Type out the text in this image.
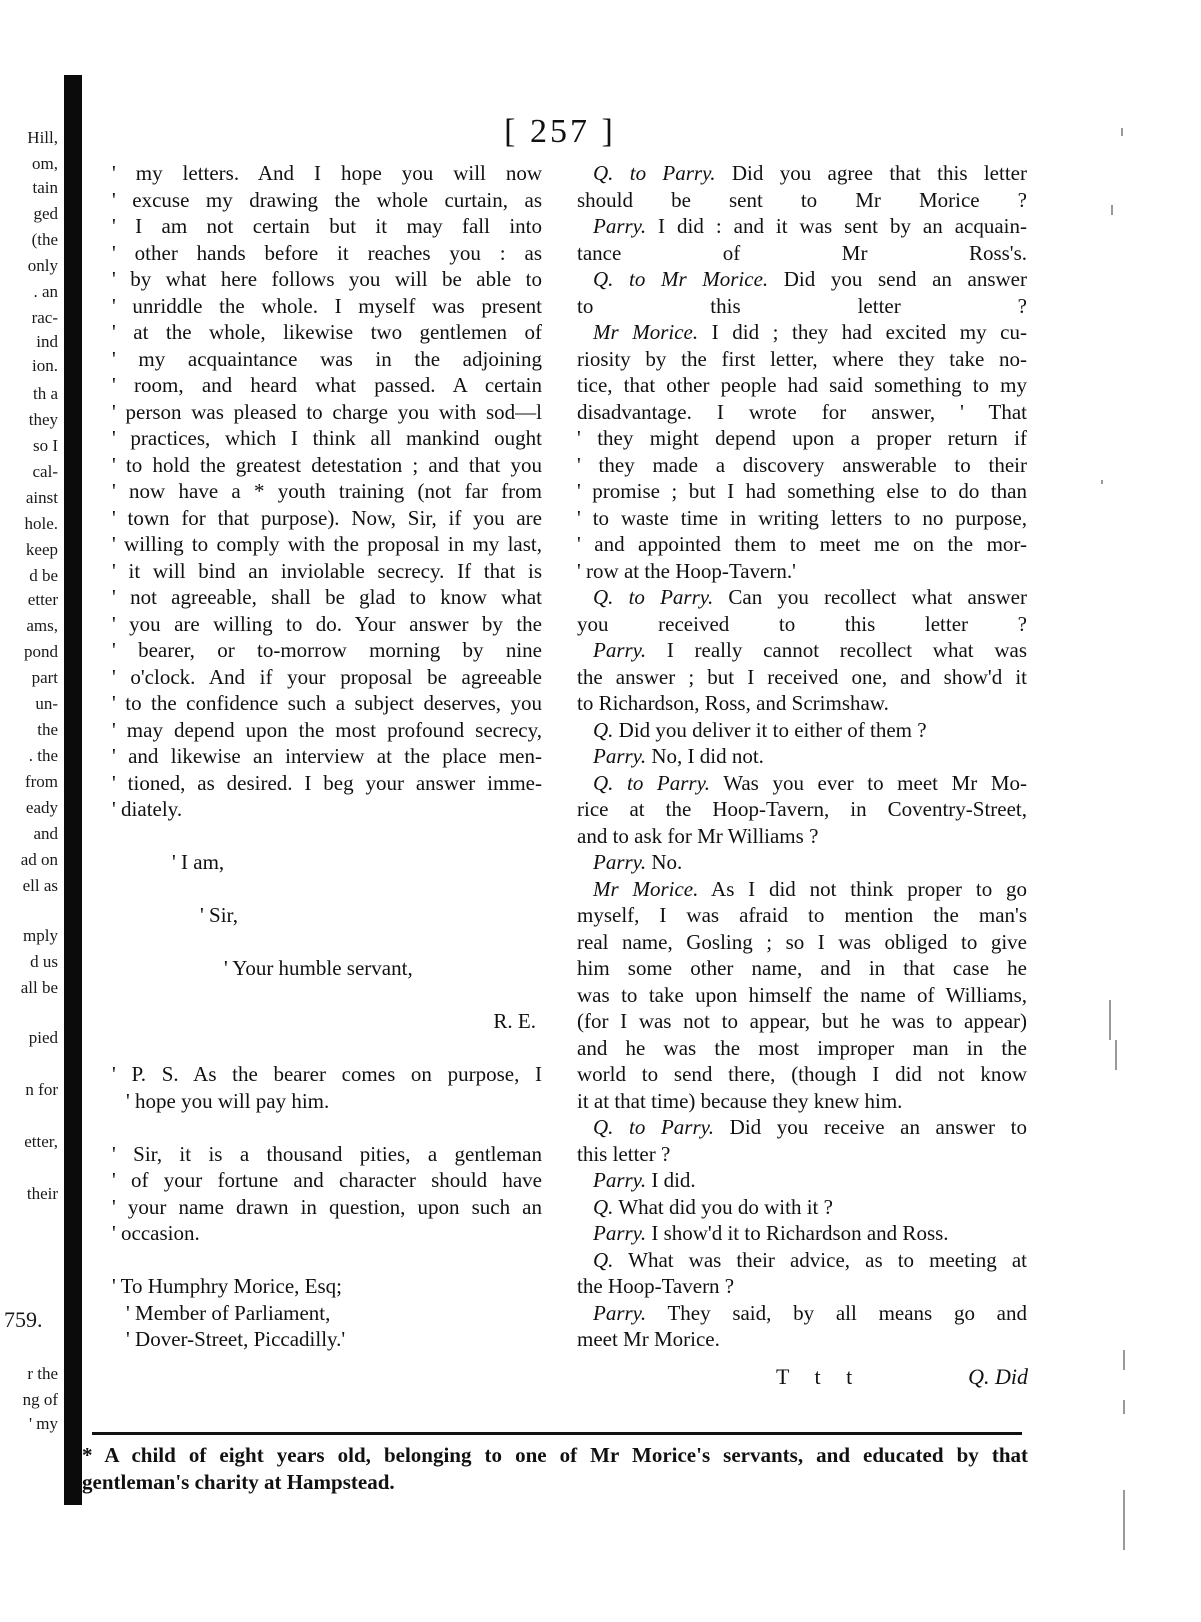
Hill,
om,
tain
ged
(the
only
. an
rac-
ind
ion.
th a
they
so I
cal-
ainst
hole.
keep
d be
etter
ams,
pond
part
un-
the
. the
from
eady
and
ad on
ell as
mply
d us
all be
pied
n for
etter,
their
759.
r the
ng of
' my
[ 257 ]
' my letters. And I hope you will now
' excuse my drawing the whole curtain, as
' I am not certain but it may fall into
' other hands before it reaches you : as
' by what here follows you will be able to
' unriddle the whole. I myself was present
' at the whole, likewise two gentlemen of
' my acquaintance was in the adjoining
' room, and heard what passed. A certain
' person was pleased to charge you with sod—l
' practices, which I think all mankind ought
' to hold the greatest detestation ; and that you
' now have a * youth training (not far from
' town for that purpose). Now, Sir, if you are
' willing to comply with the proposal in my last,
' it will bind an inviolable secrecy. If that is
' not agreeable, shall be glad to know what
' you are willing to do. Your answer by the
' bearer, or to-morrow morning by nine
' o'clock. And if your proposal be agreeable
' to the confidence such a subject deserves, you
' may depend upon the most profound secrecy,
' and likewise an interview at the place men-
' tioned, as desired. I beg your answer imme-
' diately.
' I am,
' Sir,
' Your humble servant,
R. E.
' P. S. As the bearer comes on purpose, I
' hope you will pay him.
' Sir, it is a thousand pities, a gentleman
' of your fortune and character should have
' your name drawn in question, upon such an
' occasion.
' To Humphry Morice, Esq;
' Member of Parliament,
' Dover-Street, Piccadilly.'
Q. to Parry. Did you agree that this letter
should be sent to Mr Morice ?
Parry. I did : and it was sent by an acquain-
tance of Mr Ross's.
Q. to Mr Morice. Did you send an answer
to this letter ?
Mr Morice. I did ; they had excited my cu-
riosity by the first letter, where they take no-
tice, that other people had said something to my
disadvantage. I wrote for answer, ' That
' they might depend upon a proper return if
' they made a discovery answerable to their
' promise ; but I had something else to do than
' to waste time in writing letters to no purpose,
' and appointed them to meet me on the mor-
' row at the Hoop-Tavern.'
Q. to Parry. Can you recollect what answer
you received to this letter ?
Parry. I really cannot recollect what was
the answer ; but I received one, and show'd it
to Richardson, Ross, and Scrimshaw.
Q. Did you deliver it to either of them ?
Parry. No, I did not.
Q. to Parry. Was you ever to meet Mr Mo-
rice at the Hoop-Tavern, in Coventry-Street,
and to ask for Mr Williams ?
Parry. No.
Mr Morice. As I did not think proper to go
myself, I was afraid to mention the man's
real name, Gosling ; so I was obliged to give
him some other name, and in that case he
was to take upon himself the name of Williams,
(for I was not to appear, but he was to appear)
and he was the most improper man in the
world to send there, (though I did not know
it at that time) because they knew him.
Q. to Parry. Did you receive an answer to
this letter ?
Parry. I did.
Q. What did you do with it ?
Parry. I show'd it to Richardson and Ross.
Q. What was their advice, as to meeting at
the Hoop-Tavern ?
Parry. They said, by all means go and
meet Mr Morice.
T t t	Q. Did
* A child of eight years old, belonging to one of Mr Morice's servants, and educated by that
gentleman's charity at Hampstead.
